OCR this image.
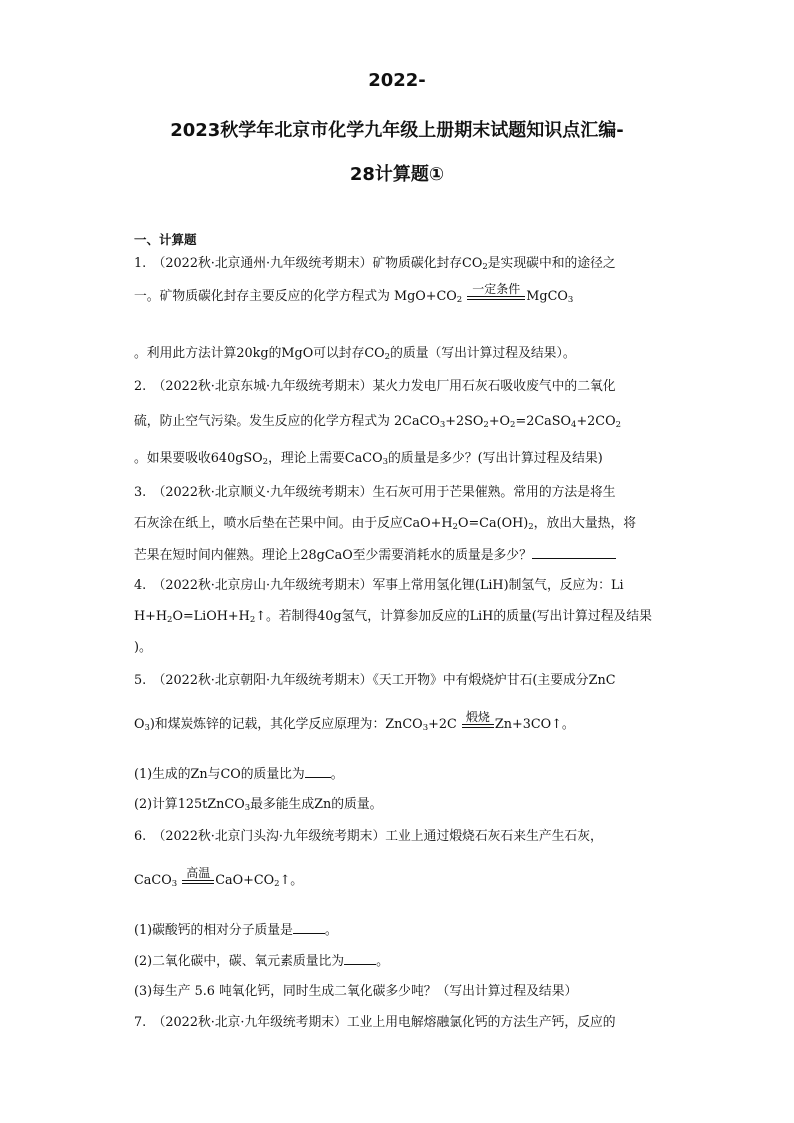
2022-
2023秋学年北京市化学九年级上册期末试题知识点汇编-
28计算题①
一、计算题
1.　（2022秋·北京通州·九年级统考期末）矿物质碳化封存$CO_2$是实现碳中和的途径之
一。矿物质碳化封存主要反应的化学方程式为 $MgO+CO_2$
一定条件 MgCO$_3$
。利用此方法计算20kg的MgO可以封存$CO_2$的质量（写出计算过程及结果）。
2.　（2022秋·北京东城·九年级统考期末）某火力发电厂用石灰石吸收废气中的二氧化
硫，防止空气污染。发生反应的化学方程式为 $2CaCO_3+2SO_2+O_2=2CaSO_4+2CO_2$
。如果要吸收640gSO$_2$，理论上需要CaCO$_3$的质量是多少？(写出计算过程及结果)
3.　（2022秋·北京顺义·九年级统考期末）生石灰可用于芒果催熟。常用的方法是将生
石灰涂在纸上，喷水后垫在芒果中间。由于反应$CaO+H_2O=Ca(OH)_2$，放出大量热，将
芒果在短时间内催熟。理论上28gCaO至少需要消耗水的质量是多少？
4.　（2022秋·北京房山·九年级统考期末）军事上常用氢化锂(LiH)制氢气，反应为：Li
$H+H_2O=LiOH+H_2↑$。若制得40g氢气，计算参加反应的LiH的质量(写出计算过程及结果
)。
5.　（2022秋·北京朝阳·九年级统考期末）《天工开物》中有煅烧炉甘石(主要成分ZnC
$O_3$)和煤炭炼锌的记载，其化学反应原理为：ZnCO$_3$+2C 煅烧 Zn+3CO↑。
(1)生成的Zn与CO的质量比为 。
(2)计算125tZnCO$_3$最多能生成Zn的质量。
6.　（2022秋·北京门头沟·九年级统考期末）工业上通过煅烧石灰石来生产生石灰，
CaCO$_3$
高温 $CaO+CO_2↑$。
(1)碳酸钙的相对分子质量是	。
(2)二氧化碳中，碳、氧元素质量比为	。
(3)每生产 5.6 吨氧化钙，同时生成二氧化碳多少吨？（写出计算过程及结果）
7.　（2022秋·北京·九年级统考期末）工业上用电解熔融氯化钙的方法生产钙，反应的
